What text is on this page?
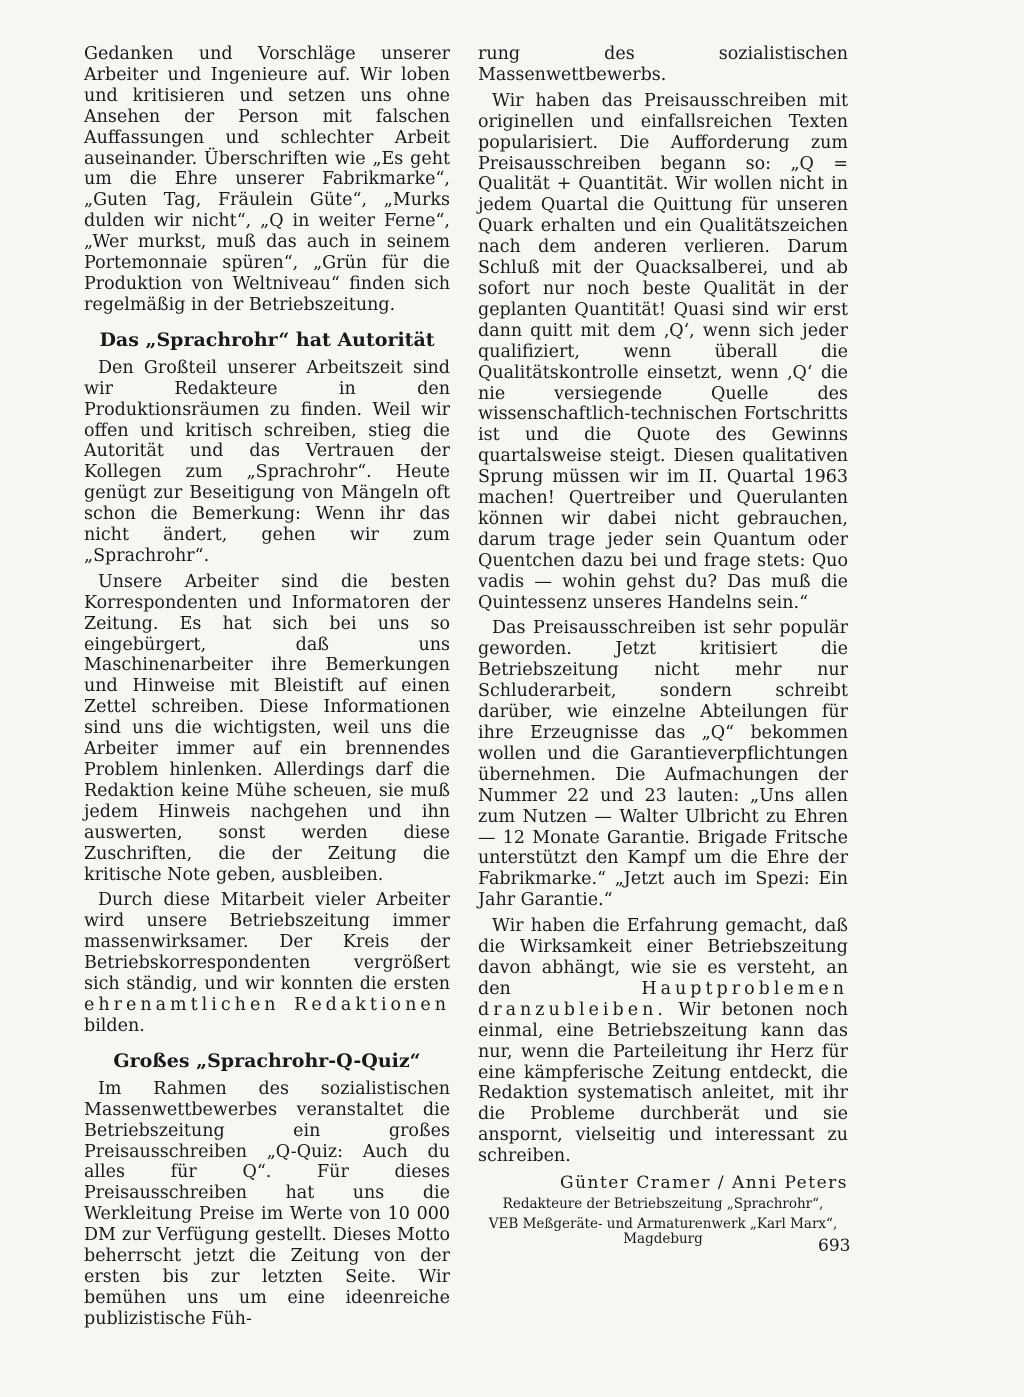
Gedanken und Vorschläge unserer Arbeiter und Ingenieure auf. Wir loben und kritisieren und setzen uns ohne Ansehen der Person mit falschen Auffassungen und schlechter Arbeit auseinander. Überschriften wie „Es geht um die Ehre unserer Fabrikmarke“, „Guten Tag, Fräulein Güte“, „Murks dulden wir nicht“, „Q in weiter Ferne“, „Wer murkst, muß das auch in seinem Portemonnaie spüren“, „Grün für die Produktion von Weltniveau“ finden sich regelmäßig in der Betriebszeitung.

Das „Sprachrohr“ hat Autorität

Den Großteil unserer Arbeitszeit sind wir Redakteure in den Produktionsräumen zu finden. Weil wir offen und kritisch schreiben, stieg die Autorität und das Vertrauen der Kollegen zum „Sprachrohr“. Heute genügt zur Beseitigung von Mängeln oft schon die Bemerkung: Wenn ihr das nicht ändert, gehen wir zum „Sprachrohr“.

Unsere Arbeiter sind die besten Korrespondenten und Informatoren der Zeitung. Es hat sich bei uns so eingebürgert, daß uns Maschinenarbeiter ihre Bemerkungen und Hinweise mit Bleistift auf einen Zettel schreiben. Diese Informationen sind uns die wichtigsten, weil uns die Arbeiter immer auf ein brennendes Problem hinlenken. Allerdings darf die Redaktion keine Mühe scheuen, sie muß jedem Hinweis nachgehen und ihn auswerten, sonst werden diese Zuschriften, die der Zeitung die kritische Note geben, ausbleiben.

Durch diese Mitarbeit vieler Arbeiter wird unsere Betriebszeitung immer massenwirksamer. Der Kreis der Betriebskorrespondenten vergrößert sich ständig, und wir konnten die ersten ehrenamtlichen Redaktionen bilden.

Großes „Sprachrohr-Q-Quiz“

Im Rahmen des sozialistischen Massenwettbewerbes veranstaltet die Betriebszeitung ein großes Preisausschreiben „Q-Quiz: Auch du alles für Q“. Für dieses Preisausschreiben hat uns die Werkleitung Preise im Werte von 10 000 DM zur Verfügung gestellt. Dieses Motto beherrscht jetzt die Zeitung von der ersten bis zur letzten Seite. Wir bemühen uns um eine ideenreiche publizistische Füh-

rung des sozialistischen Massenwettbewerbs.

Wir haben das Preisausschreiben mit originellen und einfallsreichen Texten popularisiert. Die Aufforderung zum Preisausschreiben begann so: „Q = Qualität + Quantität. Wir wollen nicht in jedem Quartal die Quittung für unseren Quark erhalten und ein Qualitätszeichen nach dem anderen verlieren. Darum Schluß mit der Quacksalberei, und ab sofort nur noch beste Qualität in der geplanten Quantität! Quasi sind wir erst dann quitt mit dem ‚Q‘, wenn sich jeder qualifiziert, wenn überall die Qualitätskontrolle einsetzt, wenn ‚Q‘ die nie versiegende Quelle des wissenschaftlich-technischen Fortschritts ist und die Quote des Gewinns quartalsweise steigt. Diesen qualitativen Sprung müssen wir im II. Quartal 1963 machen! Quertreiber und Querulanten können wir dabei nicht gebrauchen, darum trage jeder sein Quantum oder Quentchen dazu bei und frage stets: Quo vadis — wohin gehst du? Das muß die Quintessenz unseres Handelns sein.“

Das Preisausschreiben ist sehr populär geworden. Jetzt kritisiert die Betriebszeitung nicht mehr nur Schluderarbeit, sondern schreibt darüber, wie einzelne Abteilungen für ihre Erzeugnisse das „Q“ bekommen wollen und die Garantieverpflichtungen übernehmen. Die Aufmachungen der Nummer 22 und 23 lauten: „Uns allen zum Nutzen — Walter Ulbricht zu Ehren — 12 Monate Garantie. Brigade Fritsche unterstützt den Kampf um die Ehre der Fabrikmarke.“ „Jetzt auch im Spezi: Ein Jahr Garantie.“

Wir haben die Erfahrung gemacht, daß die Wirksamkeit einer Betriebszeitung davon abhängt, wie sie es versteht, an den	Hauptproblemen dranzubleiben. Wir betonen noch einmal, eine Betriebszeitung kann das nur, wenn die Parteileitung ihr Herz für eine kämpferische Zeitung entdeckt, die Redaktion systematisch anleitet, mit ihr die Probleme durchberät und sie anspornt, vielseitig und interessant zu schreiben.

Günter Cramer / Anni Peters
Redakteure der Betriebszeitung „Sprachrohr“,
VEB Meßgeräte- und Armaturenwerk „Karl Marx“, Magdeburg	693
